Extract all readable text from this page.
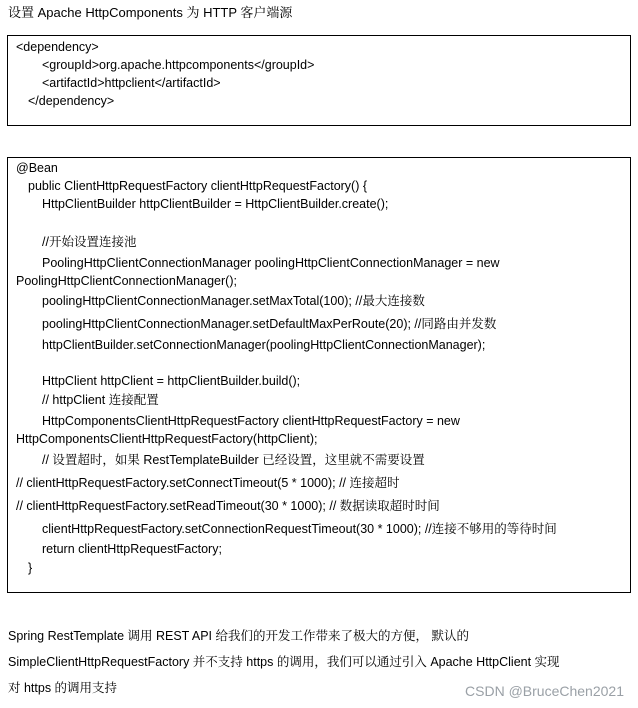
设置 Apache HttpComponents 为 HTTP 客户端源
<dependency>
<groupId>org.apache.httpcomponents</groupId>
<artifactId>httpclient</artifactId>
</dependency>
@Bean
public ClientHttpRequestFactory clientHttpRequestFactory() {
HttpClientBuilder httpClientBuilder = HttpClientBuilder.create();
//开始设置连接池
PoolingHttpClientConnectionManager poolingHttpClientConnectionManager = new
PoolingHttpClientConnectionManager();
poolingHttpClientConnectionManager.setMaxTotal(100); //最大连接数
poolingHttpClientConnectionManager.setDefaultMaxPerRoute(20); //同路由并发数
httpClientBuilder.setConnectionManager(poolingHttpClientConnectionManager);
HttpClient httpClient = httpClientBuilder.build();
// httpClient 连接配置
HttpComponentsClientHttpRequestFactory clientHttpRequestFactory = new
HttpComponentsClientHttpRequestFactory(httpClient);
// 设置超时，如果 RestTemplateBuilder 已经设置，这里就不需要设置
// clientHttpRequestFactory.setConnectTimeout(5 * 1000); // 连接超时
// clientHttpRequestFactory.setReadTimeout(30 * 1000); // 数据读取超时时间
clientHttpRequestFactory.setConnectionRequestTimeout(30 * 1000); //连接不够用的等待时间
return clientHttpRequestFactory;
}
Spring RestTemplate 调用 REST API 给我们的开发工作带来了极大的方便， 默认的
SimpleClientHttpRequestFactory 并不支持 https 的调用，我们可以通过引入 Apache HttpClient 实现
对 https 的调用支持	CSDN @BruceChen2021
